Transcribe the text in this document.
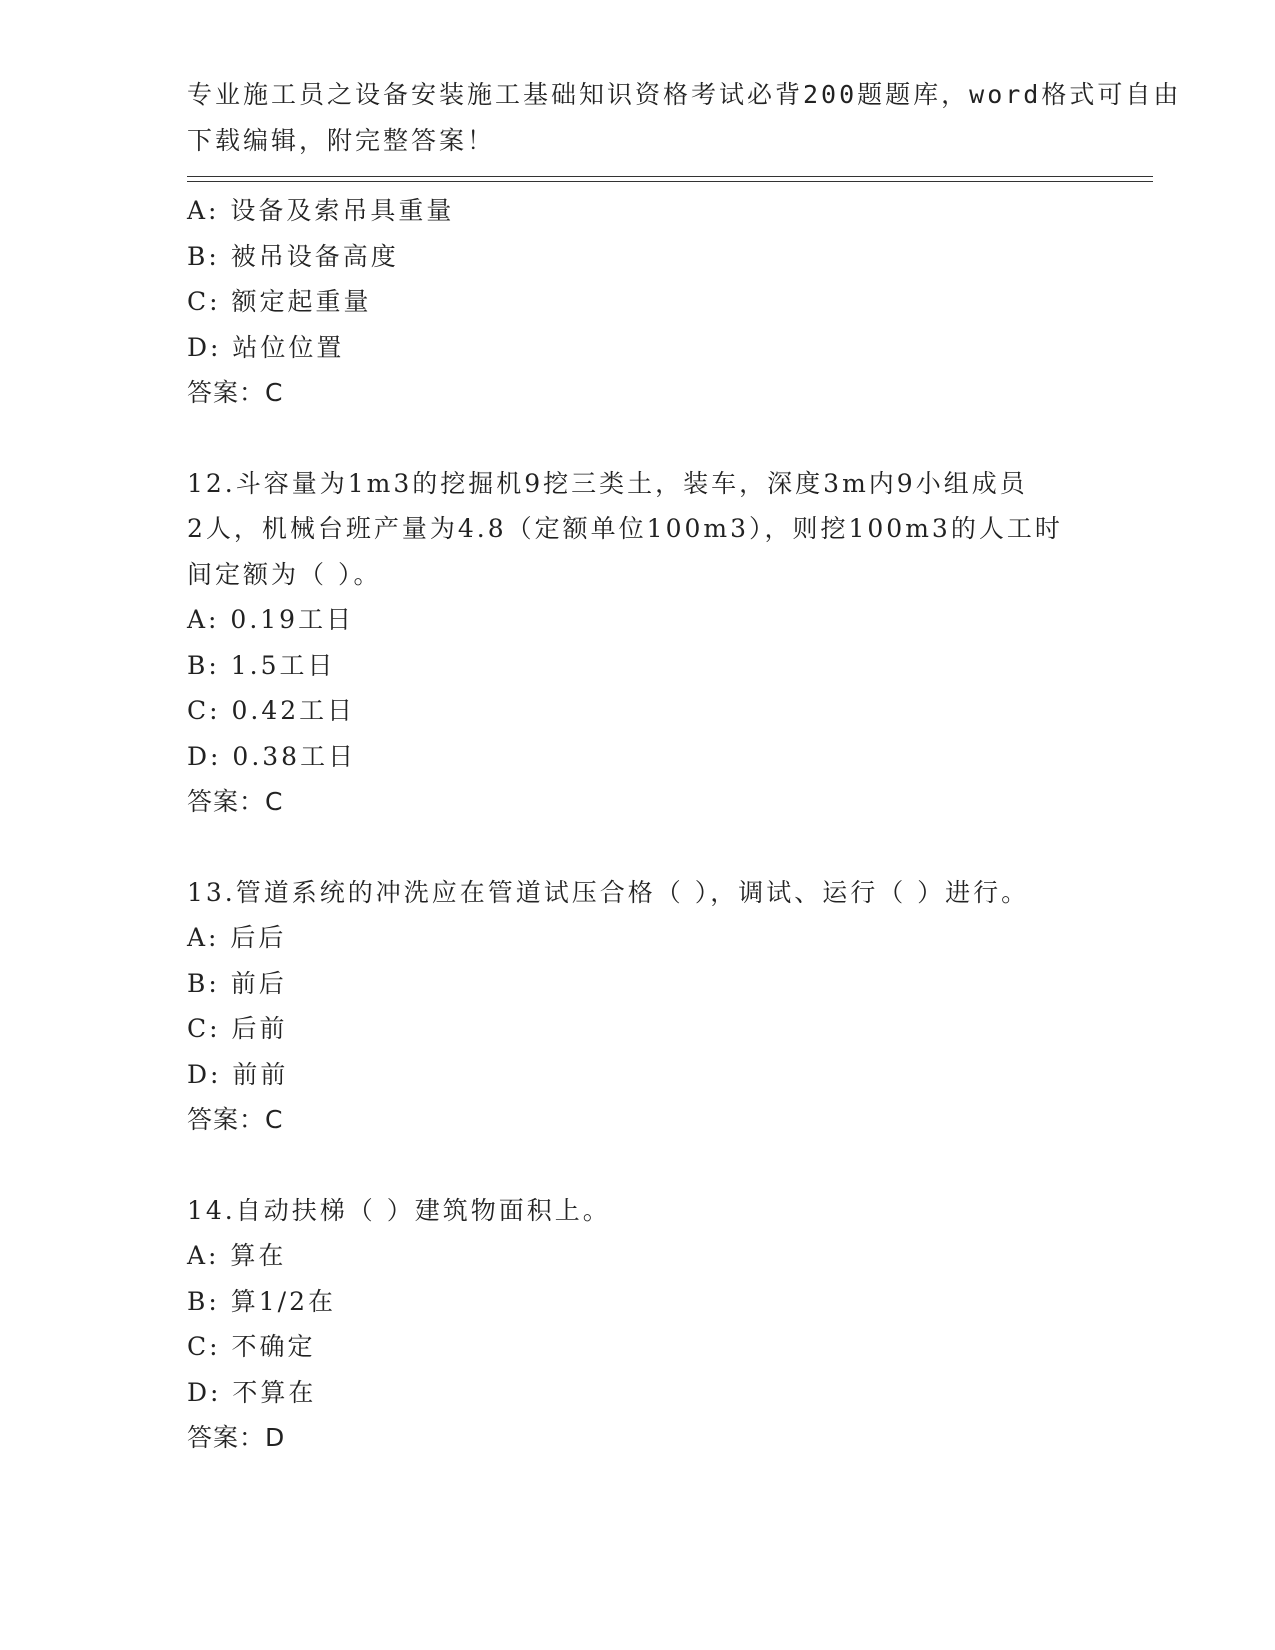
专业施工员之设备安装施工基础知识资格考试必背200题题库，word格式可自由
下载编辑，附完整答案！
A: 设备及索吊具重量
B: 被吊设备高度
C: 额定起重量
D: 站位位置
答案：C
12.斗容量为1m3的挖掘机9挖三类土，装车，深度3m内9小组成员
2人，机械台班产量为4.8（定额单位100m3），则挖100m3的人工时
间定额为（ ）。
A: 0.19工日
B: 1.5工日
C: 0.42工日
D: 0.38工日
答案：C
13.管道系统的冲洗应在管道试压合格（ ），调试、运行（ ）进行。
A: 后后
B: 前后
C: 后前
D: 前前
答案：C
14.自动扶梯（ ）建筑物面积上。
A: 算在
B: 算1/2在
C: 不确定
D: 不算在
答案：D
